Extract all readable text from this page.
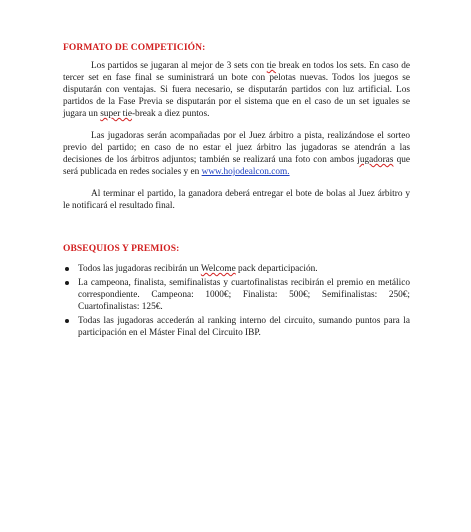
FORMATO DE COMPETICIÓN:

Los partidos se jugaran al mejor de 3 sets con tie break en todos los sets. En caso de tercer set en fase final se suministrará un bote con pelotas nuevas. Todos los juegos se disputarán con ventajas. Si fuera necesario, se disputarán partidos con luz artificial. Los partidos de la Fase Previa se disputarán por el sistema que en el caso de un set iguales se jugara un super tie-break a diez puntos.

Las jugadoras serán acompañadas por el Juez árbitro a pista, realizándose el sorteo previo del partido; en caso de no estar el juez árbitro las jugadoras se atendrán a las decisiones de los árbitros adjuntos; también se realizará una foto con ambos jugadoras que será publicada en redes sociales y en www.hojodealcon.com.

Al terminar el partido, la ganadora deberá entregar el bote de bolas al Juez árbitro y le notificará el resultado final.

OBSEQUIOS Y PREMIOS:
Todos las jugadoras recibirán un Welcome pack departicipación.
La campeona, finalista, semifinalistas y cuartofinalistas recibirán el premio en metálico correspondiente. Campeona: 1000€; Finalista: 500€; Semifinalistas: 250€; Cuartofinalistas: 125€.
Todas las jugadoras accederán al ranking interno del circuito, sumando puntos para la participación en el Máster Final del Circuito IBP.
